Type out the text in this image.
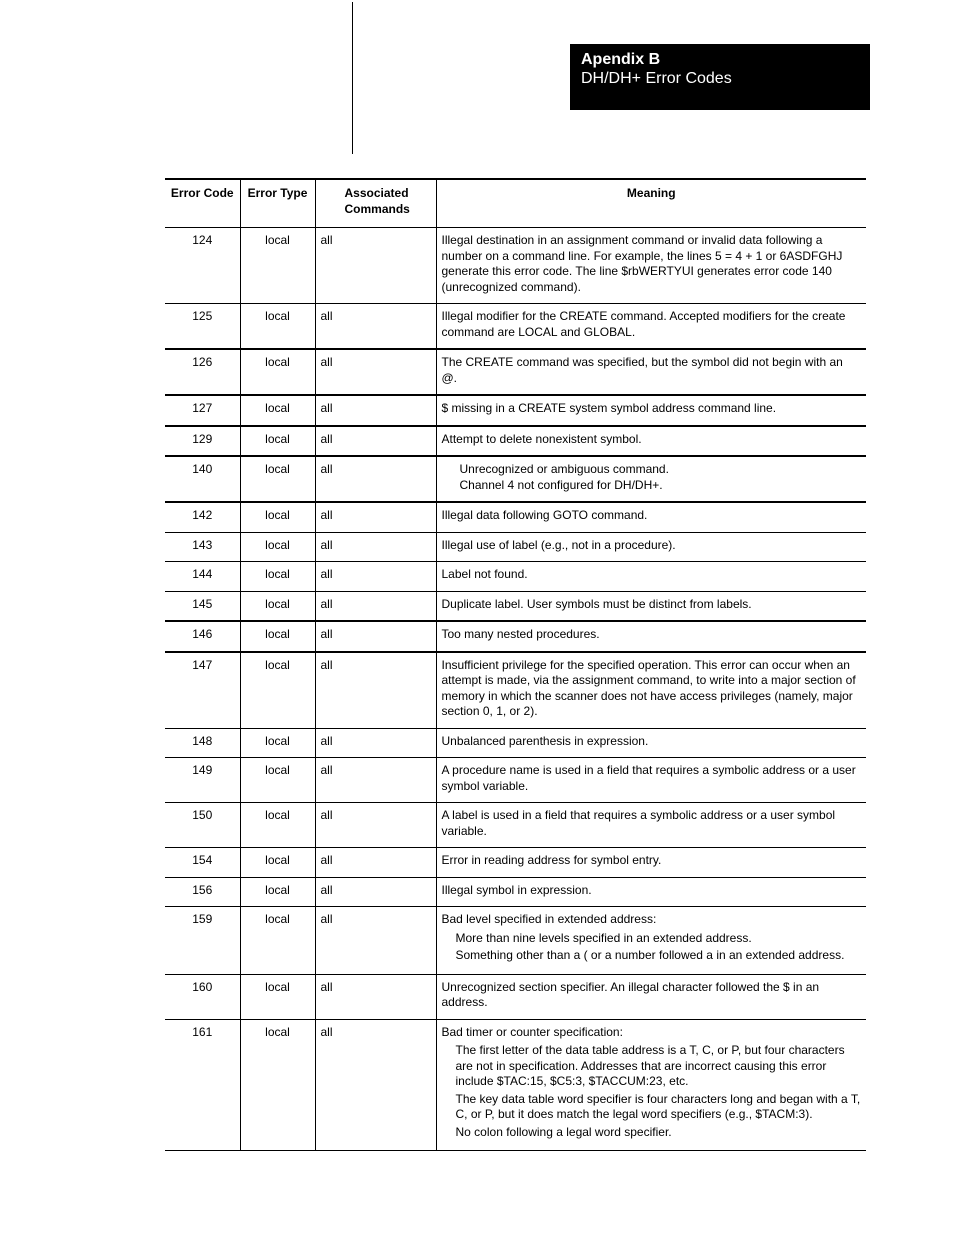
Apendix B
DH/DH+ Error Codes
Error Code	Error Type	Associated Commands	Meaning
124	local	all	Illegal destination in an assignment command or invalid data following a number on a command line. For example, the lines 5 = 4 + 1 or 6ASDFGHJ generate this error code. The line $rbWERTYUI generates error code 140 (unrecognized command).

125	local	all	Illegal modifier for the CREATE command. Accepted modifiers for the create command are LOCAL and GLOBAL.

126	local	all	The CREATE command was specified, but the symbol did not begin with an @.

127	local	all	$ missing in a CREATE system symbol address command line.

129	local	all	Attempt to delete nonexistent symbol.

140	local	all	Unrecognized or ambiguous command.
Channel 4 not configured for DH/DH+.

142	local	all	Illegal data following GOTO command.

143	local	all	Illegal use of label (e.g., not in a procedure).

144	local	all	Label not found.

145	local	all	Duplicate label. User symbols must be distinct from labels.

146	local	all	Too many nested procedures.

147	local	all	Insufficient privilege for the specified operation. This error can occur when an attempt is made, via the assignment command, to write into a major section of memory in which the scanner does not have access privileges (namely, major section 0, 1, or 2).

148	local	all	Unbalanced parenthesis in expression.

149	local	all	A procedure name is used in a field that requires a symbolic address or a user symbol variable.

150	local	all	A label is used in a field that requires a symbolic address or a user symbol variable.

154	local	all	Error in reading address for symbol entry.

156	local	all	Illegal symbol in expression.

159	local	all	Bad level specified in extended address:
More than nine levels specified in an extended address.
Something other than a ( or a number followed a in an extended address.

160	local	all	Unrecognized section specifier. An illegal character followed the $ in an address.

161	local	all	Bad timer or counter specification:
The first letter of the data table address is a T, C, or P, but four characters are not in specification. Addresses that are incorrect causing this error include $TAC:15, $C5:3, $TACCUM:23, etc.
The key data table word specifier is four characters long and began with a T, C, or P, but it does match the legal word specifiers (e.g., $TACM:3).
No colon following a legal word specifier.
